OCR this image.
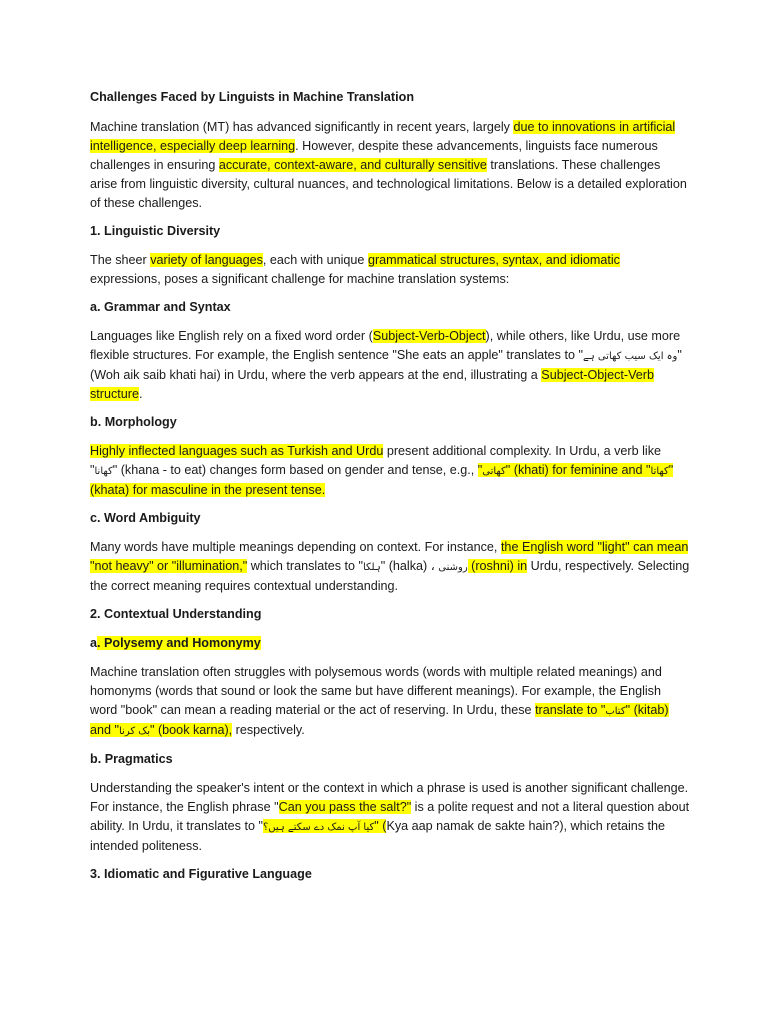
Challenges Faced by Linguists in Machine Translation

Machine translation (MT) has advanced significantly in recent years, largely due to innovations in artificial intelligence, especially deep learning. However, despite these advancements, linguists face numerous challenges in ensuring accurate, context-aware, and culturally sensitive translations. These challenges arise from linguistic diversity, cultural nuances, and technological limitations. Below is a detailed exploration of these challenges.

1. Linguistic Diversity

The sheer variety of languages, each with unique grammatical structures, syntax, and idiomatic expressions, poses a significant challenge for machine translation systems:

a. Grammar and Syntax

Languages like English rely on a fixed word order (Subject-Verb-Object), while others, like Urdu, use more flexible structures. For example, the English sentence "She eats an apple" translates to "وہ ایک سیب کھاتی ہے" (Woh aik saib khati hai) in Urdu, where the verb appears at the end, illustrating a Subject-Object-Verb structure.

b. Morphology

Highly inflected languages such as Turkish and Urdu present additional complexity. In Urdu, a verb like "کھانا" (khana - to eat) changes form based on gender and tense, e.g., "کھاتی" (khati) for feminine and "کھاتا" (khata) for masculine in the present tense.

c. Word Ambiguity

Many words have multiple meanings depending on context. For instance, the English word "light" can mean "not heavy" or "illumination," which translates to "ہلکا" (halka) ، روشنی (roshni) in Urdu, respectively. Selecting the correct meaning requires contextual understanding.

2. Contextual Understanding

a. Polysemy and Homonymy

Machine translation often struggles with polysemous words (words with multiple related meanings) and homonyms (words that sound or look the same but have different meanings). For example, the English word "book" can mean a reading material or the act of reserving. In Urdu, these translate to "کتاب" (kitab) and "بک کرنا" (book karna), respectively.

b. Pragmatics

Understanding the speaker's intent or the context in which a phrase is used is another significant challenge. For instance, the English phrase "Can you pass the salt?" is a polite request and not a literal question about ability. In Urdu, it translates to "کیا آپ نمک دے سکتے ہیں؟" (Kya aap namak de sakte hain?), which retains the intended politeness.

3. Idiomatic and Figurative Language
